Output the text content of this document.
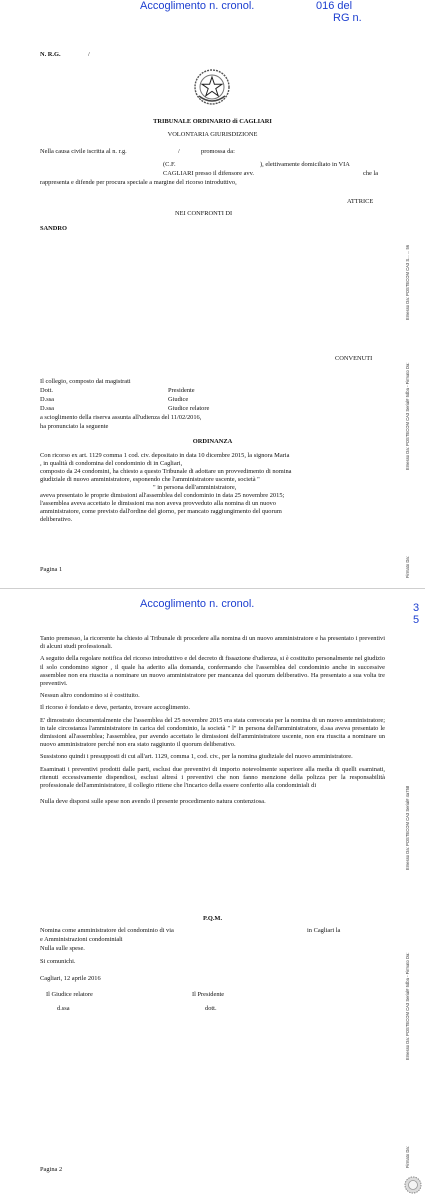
Accoglimento n. cronol.	016 del
RG n.
N. R.G.	/
TRIBUNALE ORDINARIO di CAGLIARI
VOLONTARIA GIURISDIZIONE
Nella causa civile iscritta al n. r.g.	/	promossa da:
(C.F.	), elettivamente domiciliato in VIA
CAGLIARI presso il difensore avv.	che la
rappresenta e difende per procura speciale a margine del ricorso introduttivo,
ATTRICE
NEI CONFRONTI DI
SANDRO
CONVENUTI
Il collegio, composto dai magistrati
Dott.	Presidente
D.ssa	Giudice
D.ssa	Giudice relatore
a scioglimento della riserva assunta all'udienza del 11/02/2016,
ha pronunciato la seguente
ORDINANZA
Con ricorso ex art. 1129 comma 1 cod. civ. depositato in data 10 dicembre 2015, la signora Maria
, in qualità di condomina del condominio di in Cagliari,
composto da 24 condomini, ha chiesto a questo Tribunale di adottare un provvedimento di nomina
giudiziale di nuovo amministratore, esponendo che l'amministratore uscente, società "
" in persona dell'amministratore,
aveva presentato le proprie dimissioni all'assemblea del condominio in data 25 novembre 2015;
l'assemblea aveva accettato le dimissioni ma non aveva provveduto alla nomina di un nuovo
amministratore, come previsto dall'ordine del giorno, per mancato raggiungimento del quorum
deliberativo.
Pagina 1
Accoglimento n. cronol.	3
5
Tanto premesso, la ricorrente ha chiesto al Tribunale di procedere alla nomina di un nuovo amministratore e ha presentato i preventivi di alcuni studi professionali.
A seguito della regolare notifica del ricorso introduttivo e del decreto di fissazione d'udienza, si è costituito personalmente nel giudizio il solo condomino signor , il quale ha aderito alla domanda, confermando che l'assemblea del condominio anche in successive assemblee non era riuscita a nominare un nuovo amministratore per mancanza del quorum deliberativo. Ha presentato a sua volta tre preventivi.
Nessun altro condomino si è costituito.
Il ricorso è fondato e deve, pertanto, trovare accoglimento.
E' dimostrato documentalmente che l'assemblea del 25 novembre 2015 era stata convocata per la nomina di un nuovo amministratore; in tale circostanza l'amministratore in carica del condominio, la società " l" in persona dell'amministratore, d.ssa aveva presentato le dimissioni all'assemblea; l'assemblea, pur avendo accettato le dimissioni dell'amministratore uscente, non era riuscita a nominare un nuovo amministratore perché non era stato raggiunto il quorum deliberativo.
Sussistono quindi i presupposti di cui all'art. 1129, comma 1, cod. civ., per la nomina giudiziale del nuovo amministratore.
Esaminati i preventivi prodotti dalle parti, esclusi due preventivi di importo notevolmente superiore alla media di quelli esaminati, ritenuti eccessivamente dispendiosi, esclusi altresì i preventivi che non fanno menzione della polizza per la responsabilità professionale dell'amministratore, il collegio ritiene che l'incarico della essere conferito alla condominiali di
Nulla deve disporsi sulle spese non avendo il presente procedimento natura contenziosa.
P.Q.M.
Nomina come amministratore del condominio di via	in Cagliari la
e Amministrazioni condominiali
Nulla sulle spese.
Si comunichi.
Cagliari, 12 aprile 2016
Il Giudice relatore	Il Presidente
d.ssa	dott.
Pagina 2
Emesso Da: POSTECOM CA3 S... ... 56
Emesso Da: POSTECOM CA3 Serial# 5dba - Firmato Da:
Firmato Da:
Emesso Da: POSTECOM CA3 Serial# 4a758
Emesso Da: POSTECOM CA3 Serial# 5dba - Firmato Da:
Firmato Da:
